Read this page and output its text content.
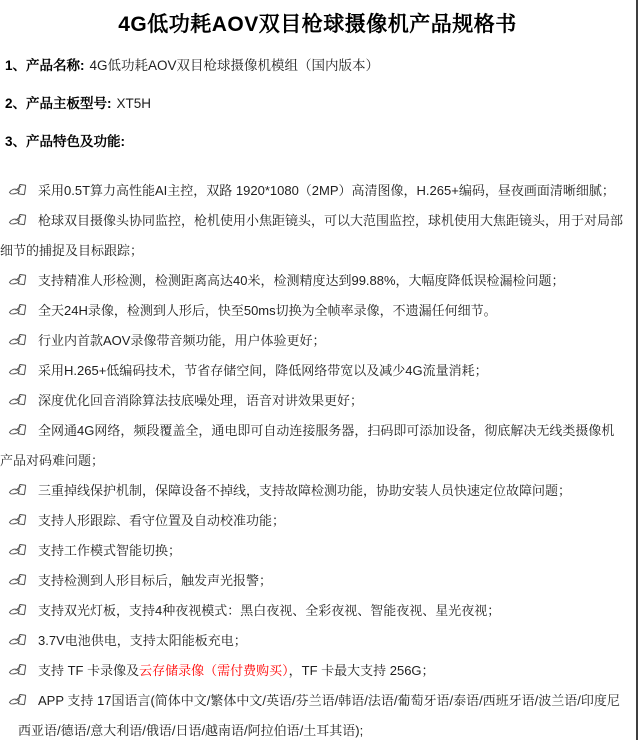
4G低功耗AOV双目枪球摄像机产品规格书

1、产品名称: 4G低功耗AOV双目枪球摄像机模组（国内版本）

2、产品主板型号: XT5H

3、产品特色及功能:

采用0.5T算力高性能AI主控，双路 1920*1080（2MP）高清图像，H.265+编码，昼夜画面清晰细腻；

枪球双目摄像头协同监控，枪机使用小焦距镜头，可以大范围监控，球机使用大焦距镜头，用于对局部细节的捕捉及目标跟踪；

支持精准人形检测，检测距离高达40米，检测精度达到99.88%，大幅度降低误检漏检问题；

全天24H录像，检测到人形后，快至50ms切换为全帧率录像，不遗漏任何细节。

行业内首款AOV录像带音频功能，用户体验更好；

采用H.265+低编码技术，节省存储空间，降低网络带宽以及减少4G流量消耗；

深度优化回音消除算法技底噪处理，语音对讲效果更好；

全网通4G网络，频段覆盖全，通电即可自动连接服务器，扫码即可添加设备，彻底解决无线类摄像机产品对码难问题；

三重掉线保护机制，保障设备不掉线，支持故障检测功能，协助安装人员快速定位故障问题；

支持人形跟踪、看守位置及自动校准功能；

支持工作模式智能切换；

支持检测到人形目标后，触发声光报警；

支持双光灯板，支持4种夜视模式：黑白夜视、全彩夜视、智能夜视、星光夜视；

3.7V电池供电，支持太阳能板充电；

支持 TF 卡录像及云存储录像（需付费购买），TF 卡最大支持 256G；

APP 支持 17国语言(简体中文/繁体中文/英语/芬兰语/韩语/法语/葡萄牙语/泰语/西班牙语/波兰语/印度尼西亚语/德语/意大利语/俄语/日语/越南语/阿拉伯语/土耳其语);
